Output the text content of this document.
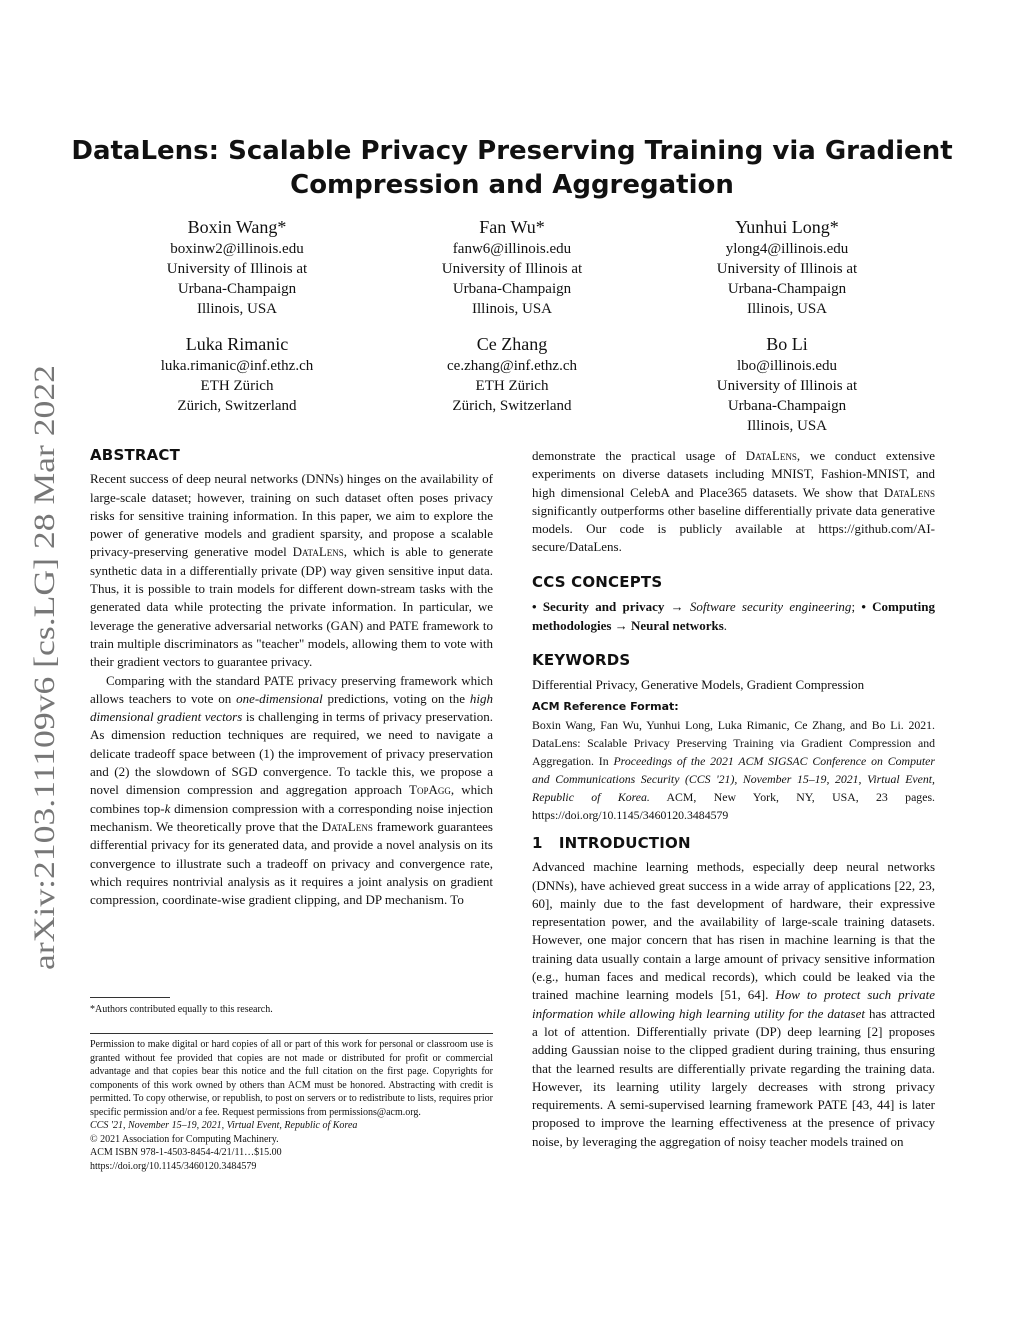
arXiv:2103.11109v6 [cs.LG] 28 Mar 2022
DataLens: Scalable Privacy Preserving Training via Gradient
Compression and Aggregation
Boxin Wang*
boxinw2@illinois.edu
University of Illinois at
Urbana-Champaign
Illinois, USA
Fan Wu*
fanw6@illinois.edu
University of Illinois at
Urbana-Champaign
Illinois, USA
Yunhui Long*
ylong4@illinois.edu
University of Illinois at
Urbana-Champaign
Illinois, USA
Luka Rimanic
luka.rimanic@inf.ethz.ch
ETH Zürich
Zürich, Switzerland
Ce Zhang
ce.zhang@inf.ethz.ch
ETH Zürich
Zürich, Switzerland
Bo Li
lbo@illinois.edu
University of Illinois at
Urbana-Champaign
Illinois, USA
ABSTRACT

Recent success of deep neural networks (DNNs) hinges on the availability of large-scale dataset; however, training on such dataset often poses privacy risks for sensitive training information. In this paper, we aim to explore the power of generative models and gradient sparsity, and propose a scalable privacy-preserving generative model DataLens, which is able to generate synthetic data in a differentially private (DP) way given sensitive input data. Thus, it is possible to train models for different down-stream tasks with the generated data while protecting the private information. In particular, we leverage the generative adversarial networks (GAN) and PATE framework to train multiple discriminators as "teacher" models, allowing them to vote with their gradient vectors to guarantee privacy.

Comparing with the standard PATE privacy preserving framework which allows teachers to vote on one-dimensional predictions, voting on the high dimensional gradient vectors is challenging in terms of privacy preservation. As dimension reduction techniques are required, we need to navigate a delicate tradeoff space between (1) the improvement of privacy preservation and (2) the slowdown of SGD convergence. To tackle this, we propose a novel dimension compression and aggregation approach TopAgg, which combines top-k dimension compression with a corresponding noise injection mechanism. We theoretically prove that the DataLens framework guarantees differential privacy for its generated data, and provide a novel analysis on its convergence to illustrate such a tradeoff on privacy and convergence rate, which requires nontrivial analysis as it requires a joint analysis on gradient compression, coordinate-wise gradient clipping, and DP mechanism. To

*Authors contributed equally to this research.

Permission to make digital or hard copies of all or part of this work for personal or classroom use is granted without fee provided that copies are not made or distributed for profit or commercial advantage and that copies bear this notice and the full citation on the first page. Copyrights for components of this work owned by others than ACM must be honored. Abstracting with credit is permitted. To copy otherwise, or republish, to post on servers or to redistribute to lists, requires prior specific permission and/or a fee. Request permissions from permissions@acm.org.

CCS '21, November 15–19, 2021, Virtual Event, Republic of Korea

© 2021 Association for Computing Machinery.

ACM ISBN 978-1-4503-8454-4/21/11…$15.00

https://doi.org/10.1145/3460120.3484579

demonstrate the practical usage of DataLens, we conduct extensive experiments on diverse datasets including MNIST, Fashion-MNIST, and high dimensional CelebA and Place365 datasets. We show that DataLens significantly outperforms other baseline differentially private data generative models. Our code is publicly available at https://github.com/AI-secure/DataLens.

CCS CONCEPTS

• Security and privacy → Software security engineering; • Computing methodologies → Neural networks.

KEYWORDS

Differential Privacy, Generative Models, Gradient Compression

ACM Reference Format:

Boxin Wang, Fan Wu, Yunhui Long, Luka Rimanic, Ce Zhang, and Bo Li. 2021. DataLens: Scalable Privacy Preserving Training via Gradient Compression and Aggregation. In Proceedings of the 2021 ACM SIGSAC Conference on Computer and Communications Security (CCS '21), November 15–19, 2021, Virtual Event, Republic of Korea. ACM, New York, NY, USA, 23 pages. https://doi.org/10.1145/3460120.3484579

1   INTRODUCTION

Advanced machine learning methods, especially deep neural networks (DNNs), have achieved great success in a wide array of applications [22, 23, 60], mainly due to the fast development of hardware, their expressive representation power, and the availability of large-scale training datasets. However, one major concern that has risen in machine learning is that the training data usually contain a large amount of privacy sensitive information (e.g., human faces and medical records), which could be leaked via the trained machine learning models [51, 64]. How to protect such private information while allowing high learning utility for the dataset has attracted a lot of attention. Differentially private (DP) deep learning [2] proposes adding Gaussian noise to the clipped gradient during training, thus ensuring that the learned results are differentially private regarding the training data. However, its learning utility largely decreases with strong privacy requirements. A semi-supervised learning framework PATE [43, 44] is later proposed to improve the learning effectiveness at the presence of privacy noise, by leveraging the aggregation of noisy teacher models trained on
